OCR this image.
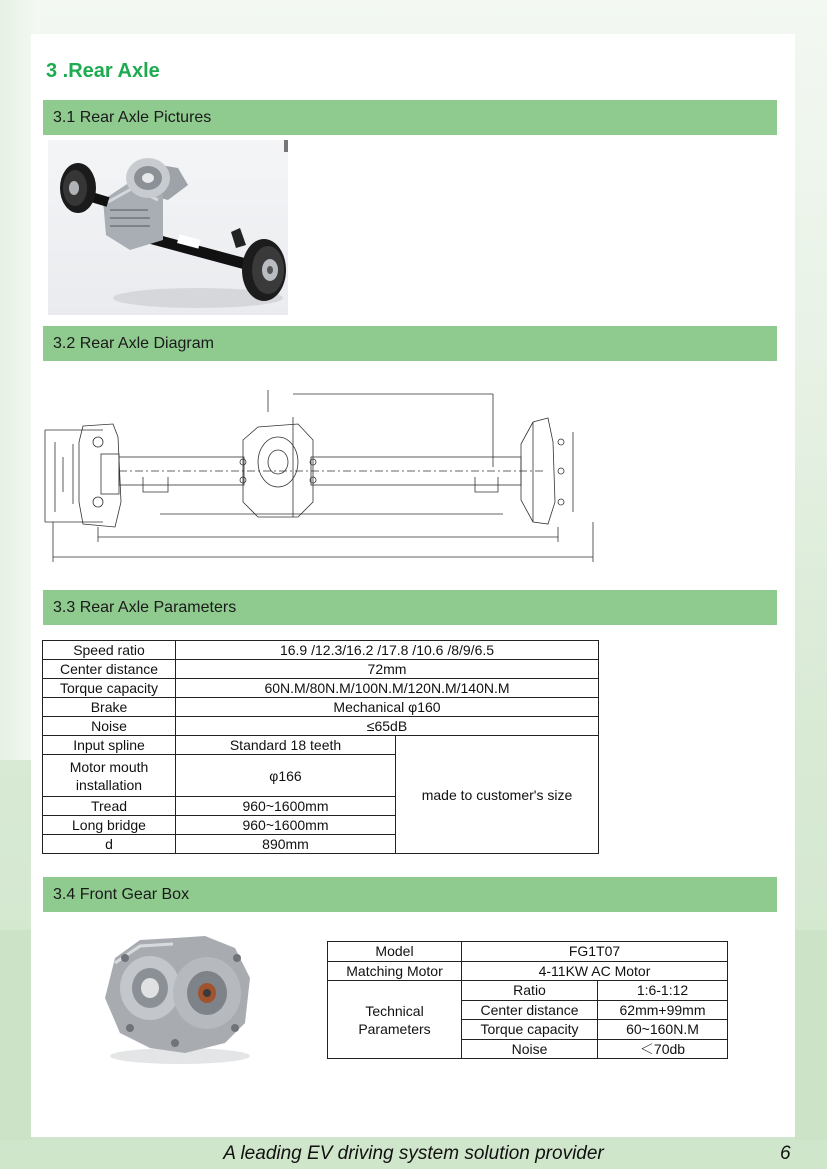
3 .Rear Axle
3.1 Rear Axle Pictures
3.2 Rear Axle Diagram
3.3 Rear Axle Parameters
Speed ratio	16.9 /12.3/16.2 /17.8 /10.6 /8/9/6.5	
Center distance	72mm	
Torque capacity	60N.M/80N.M/100N.M/120N.M/140N.M	
Brake	Mechanical φ160	
Noise	≤65dB	
Input spline	Standard 18 teeth	made to customer's size
Motor mouth installation	φ166	
Tread	960~1600mm	
Long bridge	960~1600mm	
d	890mm	
3.4 Front Gear Box
Model	FG1T07	
Matching Motor	4-11KW AC Motor	
Technical Parameters	Ratio	1:6-1:12
	Center distance	62mm+99mm
	Torque capacity	60~160N.M
	Noise	＜70db
A leading EV driving system solution provider	6
